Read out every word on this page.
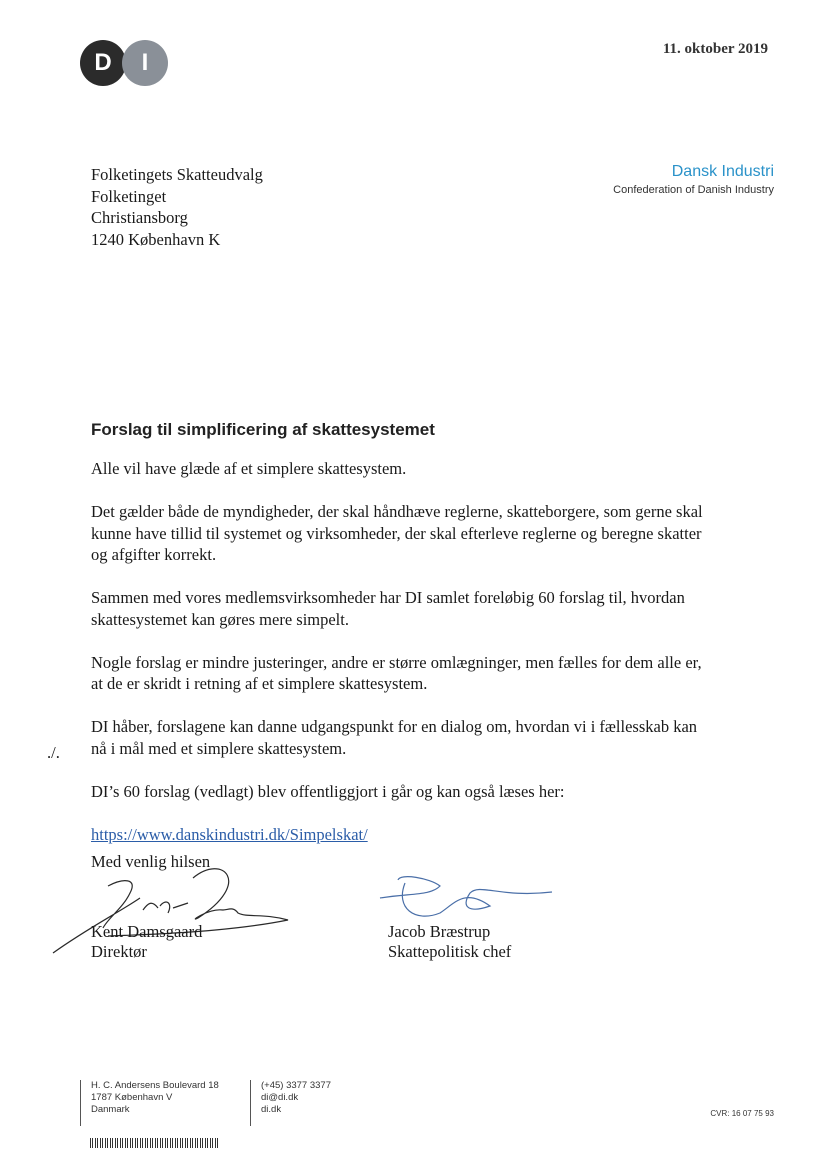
D	I	11. oktober 2019
Folketingets Skatteudvalg
Folketinget
Christiansborg
1240 København K
Dansk Industri
Confederation of Danish Industry
Forslag til simplificering af skattesystemet

Alle vil have glæde af et simplere skattesystem.

Det gælder både de myndigheder, der skal håndhæve reglerne, skatteborgere, som gerne skal kunne have tillid til systemet og virksomheder, der skal efterleve reglerne og beregne skatter og afgifter korrekt.

Sammen med vores medlemsvirksomheder har DI samlet foreløbig 60 forslag til, hvordan skattesystemet kan gøres mere simpelt.

Nogle forslag er mindre justeringer, andre er større omlægninger, men fælles for dem alle er, at de er skridt i retning af et simplere skattesystem.

DI håber, forslagene kan danne udgangspunkt for en dialog om, hvordan vi i fællesskab kan nå i mål med et simplere skattesystem.

DI’s 60 forslag (vedlagt) blev offentliggjort i går og kan også læses her:

https://www.danskindustri.dk/Simpelskat/

./.
Med venlig hilsen
Kent Damsgaard
Direktør
Jacob Bræstrup
Skattepolitisk chef
H. C. Andersens Boulevard 18
1787 København V
Danmark
(+45) 3377 3377
di@di.dk
di.dk	CVR: 16 07 75 93
